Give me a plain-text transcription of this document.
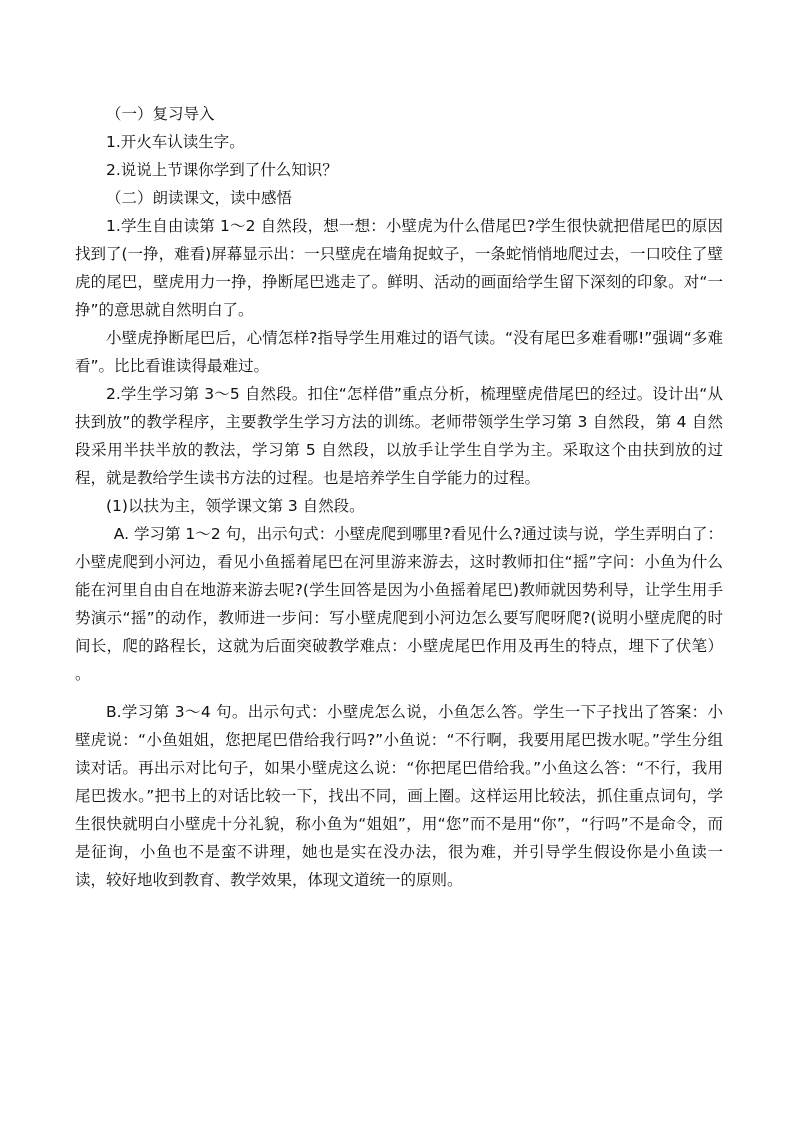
（一）复习导入

1.开火车认读生字。

2.说说上节课你学到了什么知识？

（二）朗读课文，读中感悟

1.学生自由读第 1～2 自然段，想一想：小壁虎为什么借尾巴?学生很快就把借尾巴的原因找到了(一挣，难看)屏幕显示出：一只壁虎在墙角捉蚊子，一条蛇悄悄地爬过去，一口咬住了壁虎的尾巴，壁虎用力一挣，挣断尾巴逃走了。鲜明、活动的画面给学生留下深刻的印象。对“一挣”的意思就自然明白了。

小壁虎挣断尾巴后，心情怎样?指导学生用难过的语气读。“没有尾巴多难看哪!”强调“多难看”。比比看谁读得最难过。

2.学生学习第 3～5 自然段。扣住“怎样借”重点分析，梳理壁虎借尾巴的经过。设计出“从扶到放”的教学程序，主要教学生学习方法的训练。老师带领学生学习第 3 自然段，第 4 自然段采用半扶半放的教法，学习第 5 自然段，以放手让学生自学为主。采取这个由扶到放的过程，就是教给学生读书方法的过程。也是培养学生自学能力的过程。

(1)以扶为主，领学课文第 3 自然段。

A. 学习第 1～2 句，出示句式：小壁虎爬到哪里?看见什么?通过读与说，学生弄明白了：小壁虎爬到小河边，看见小鱼摇着尾巴在河里游来游去，这时教师扣住“摇”字问：小鱼为什么能在河里自由自在地游来游去呢?(学生回答是因为小鱼摇着尾巴)教师就因势利导，让学生用手势演示“摇”的动作，教师进一步问：写小壁虎爬到小河边怎么要写爬呀爬?(说明小壁虎爬的时间长，爬的路程长，这就为后面突破教学难点：小壁虎尾巴作用及再生的特点，埋下了伏笔） 。

B.学习第 3～4 句。出示句式：小壁虎怎么说，小鱼怎么答。学生一下子找出了答案：小壁虎说：“小鱼姐姐，您把尾巴借给我行吗?”小鱼说：“不行啊，我要用尾巴拨水呢。”学生分组读对话。再出示对比句子，如果小壁虎这么说：“你把尾巴借给我。”小鱼这么答：“不行，我用尾巴拨水。”把书上的对话比较一下，找出不同，画上圈。这样运用比较法，抓住重点词句，学生很快就明白小壁虎十分礼貌，称小鱼为“姐姐”，用“您”而不是用“你”，“行吗”不是命令，而是征询，小鱼也不是蛮不讲理，她也是实在没办法，很为难，并引导学生假设你是小鱼读一读，较好地收到教育、教学效果，体现文道统一的原则。
